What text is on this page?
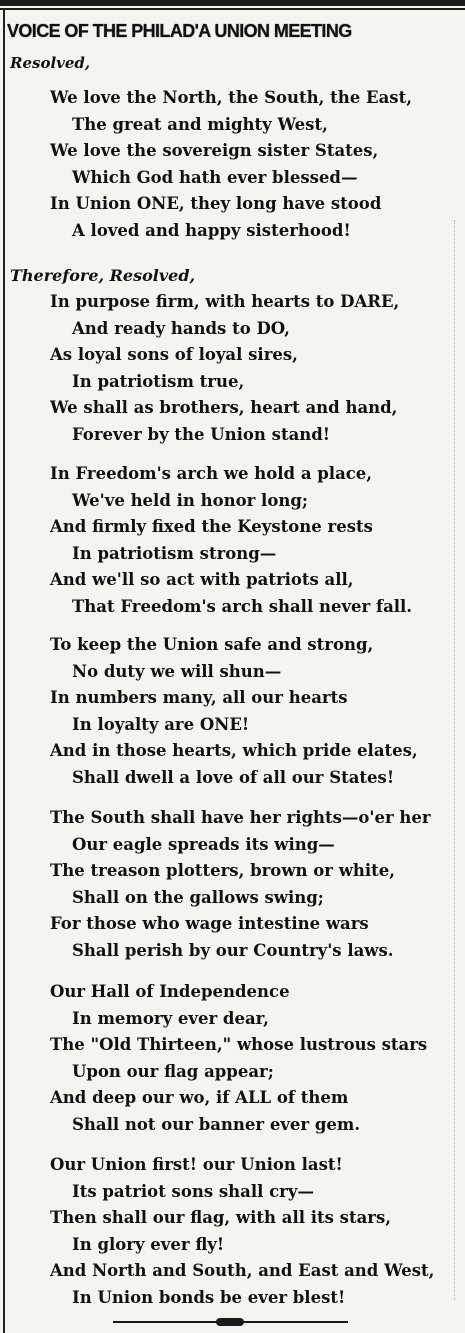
VOICE OF THE PHILAD'A UNION MEETING
Resolved,
Therefore, Resolved,
We love the North, the South, the East,
The great and mighty West,
We love the sovereign sister States,
Which God hath ever blessed—
In Union ONE, they long have stood
A loved and happy sisterhood!
In purpose firm, with hearts to DARE,
And ready hands to DO,
As loyal sons of loyal sires,
In patriotism true,
We shall as brothers, heart and hand,
Forever by the Union stand!
In Freedom's arch we hold a place,
We've held in honor long;
And firmly fixed the Keystone rests
In patriotism strong—
And we'll so act with patriots all,
That Freedom's arch shall never fall.
To keep the Union safe and strong,
No duty we will shun—
In numbers many, all our hearts
In loyalty are ONE!
And in those hearts, which pride elates,
Shall dwell a love of all our States!
The South shall have her rights—o'er her
Our eagle spreads its wing—
The treason plotters, brown or white,
Shall on the gallows swing;
For those who wage intestine wars
Shall perish by our Country's laws.
Our Hall of Independence
In memory ever dear,
The "Old Thirteen," whose lustrous stars
Upon our flag appear;
And deep our wo, if ALL of them
Shall not our banner ever gem.
Our Union first! our Union last!
Its patriot sons shall cry—
Then shall our flag, with all its stars,
In glory ever fly!
And North and South, and East and West,
In Union bonds be ever blest!
